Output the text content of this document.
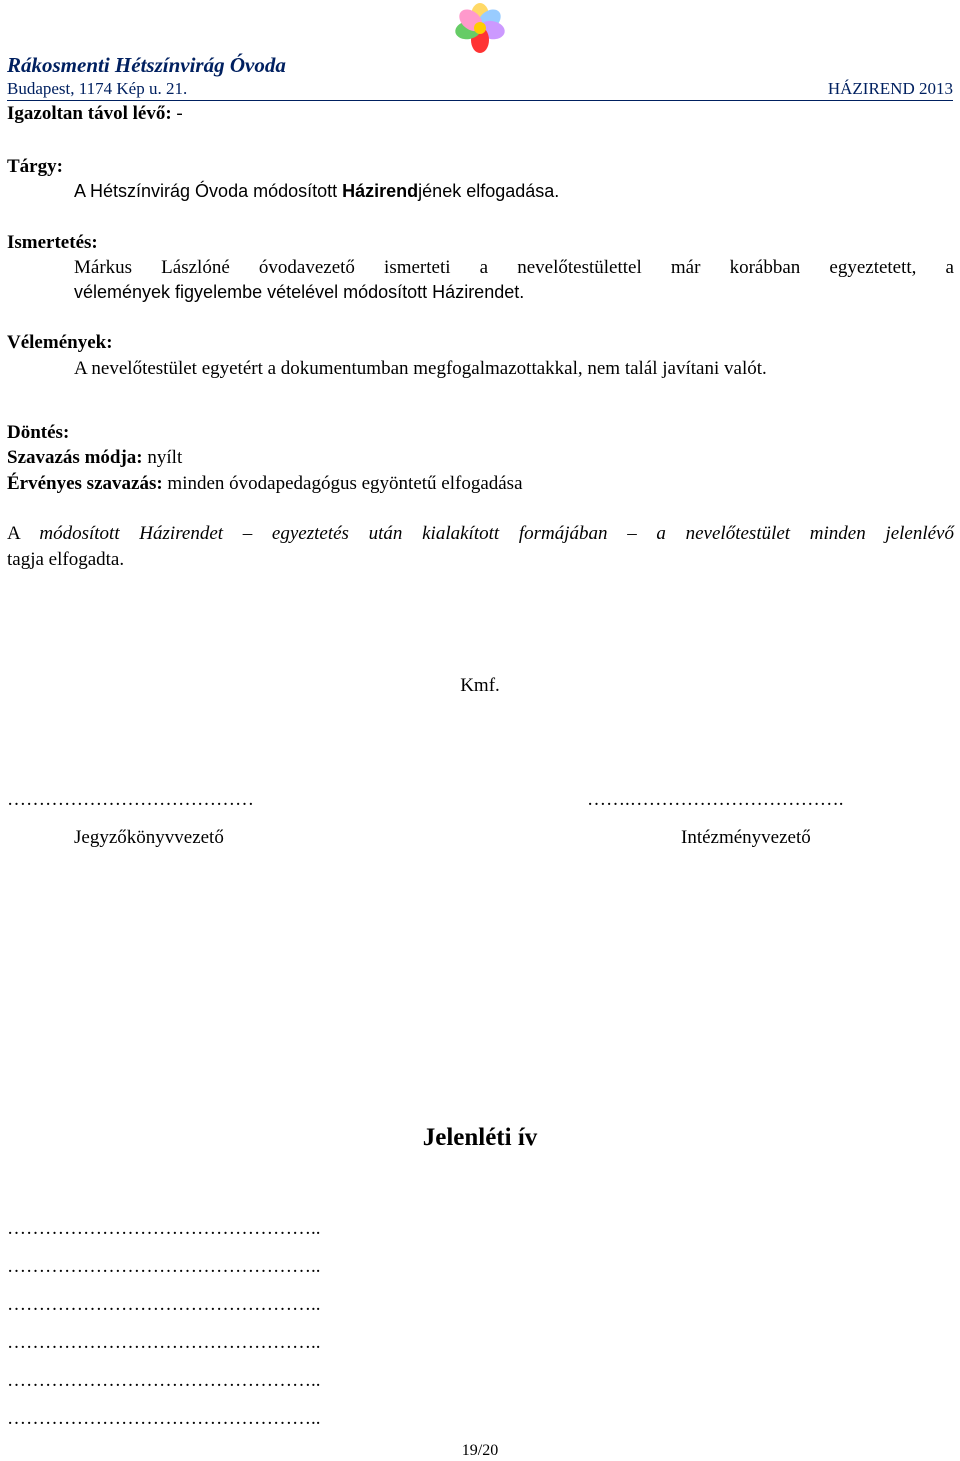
Rákosmenti Hétszínvirág Óvoda
Budapest, 1174 Kép u. 21.	HÁZIREND 2013
Igazoltan távol lévő: -
Tárgy:
A Hétszínvirág Óvoda módosított Házirendjének elfogadása.
Ismertetés:
Márkus Lászlóné óvodavezető ismerteti a nevelőtestülettel már korábban egyeztetett, a
vélemények figyelembe vételével módosított Házirendet.
Vélemények:
A nevelőtestület egyetért a dokumentumban megfogalmazottakkal, nem talál javítani valót.
Döntés:
Szavazás módja: nyílt
Érvényes szavazás: minden óvodapedagógus egyöntetű elfogadása
A módosított Házirendet – egyeztetés után kialakított formájában – a nevelőtestület minden jelenlévő
tagja elfogadta.
Kmf.
…………………………………
Jegyzőkönyvvezető
…….…………………………….
Intézményvezető
Jelenléti ív
…………………………………………..
…………………………………………..
…………………………………………..
…………………………………………..
…………………………………………..
…………………………………………..
19/20
